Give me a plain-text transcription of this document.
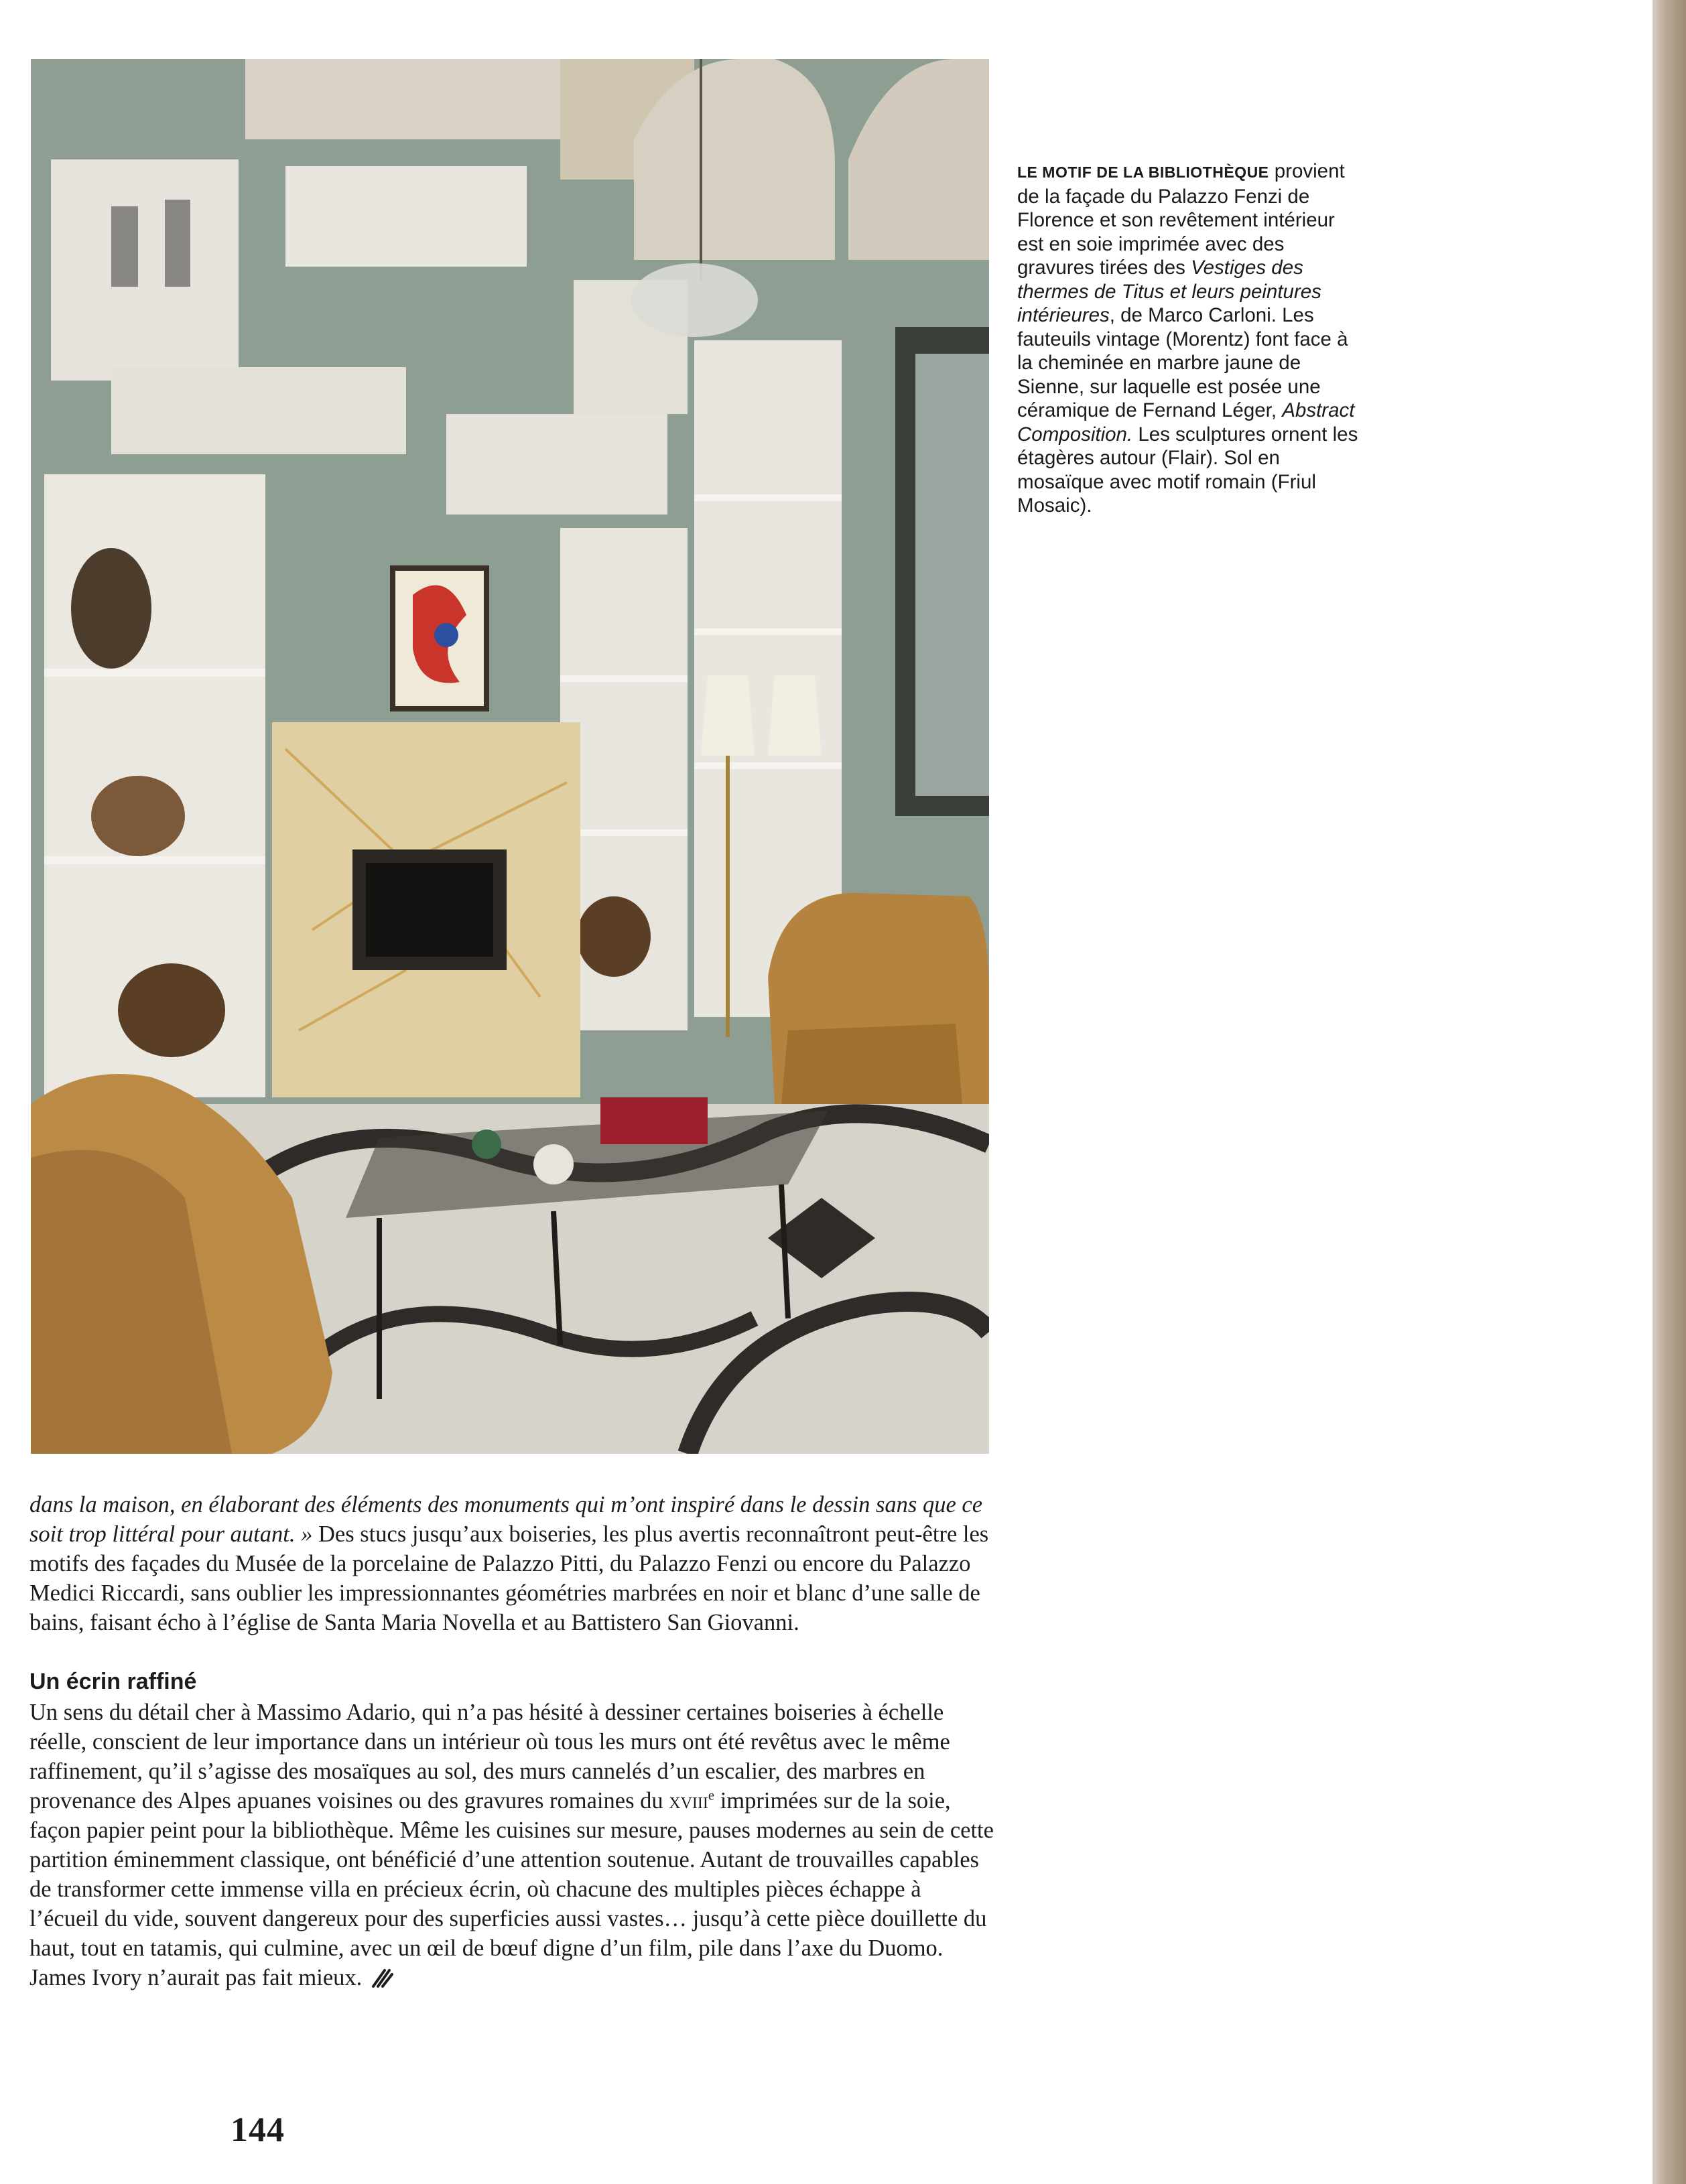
LE MOTIF DE LA BIBLIOTHÈQUE provient de la façade du Palazzo Fenzi de Florence et son revêtement intérieur est en soie imprimée avec des gravures tirées des Vestiges des thermes de Titus et leurs peintures intérieures, de Marco Carloni. Les fauteuils vintage (Morentz) font face à la cheminée en marbre jaune de Sienne, sur laquelle est posée une céramique de Fernand Léger, Abstract Composition. Les sculptures ornent les étagères autour (Flair). Sol en mosaïque avec motif romain (Friul Mosaic).

dans la maison, en élaborant des éléments des monuments qui m’ont inspiré dans le dessin sans que ce soit trop littéral pour autant. » Des stucs jusqu’aux boiseries, les plus avertis reconnaîtront peut-être les motifs des façades du Musée de la porcelaine de Palazzo Pitti, du Palazzo Fenzi ou encore du Palazzo Medici Riccardi, sans oublier les impressionnantes géométries marbrées en noir et blanc d’une salle de bains, faisant écho à l’église de Santa Maria Novella et au Battistero San Giovanni.

Un écrin raffiné

Un sens du détail cher à Massimo Adario, qui n’a pas hésité à dessiner certaines boiseries à échelle réelle, conscient de leur importance dans un intérieur où tous les murs ont été revêtus avec le même raffinement, qu’il s’agisse des mosaïques au sol, des murs cannelés d’un escalier, des marbres en provenance des Alpes apuanes voisines ou des gravures romaines du xviii$^e$ imprimées sur de la soie, façon papier peint pour la bibliothèque. Même les cuisines sur mesure, pauses modernes au sein de cette partition éminemment classique, ont bénéficié d’une attention soutenue. Autant de trouvailles capables de transformer cette immense villa en précieux écrin, où chacune des multiples pièces échappe à l’écueil du vide, souvent dangereux pour des superficies aussi vastes… jusqu’à cette pièce douillette du haut, tout en tatamis, qui culmine, avec un œil de bœuf digne d’un film, pile dans l’axe du Duomo. James Ivory n’aurait pas fait mieux.

144
